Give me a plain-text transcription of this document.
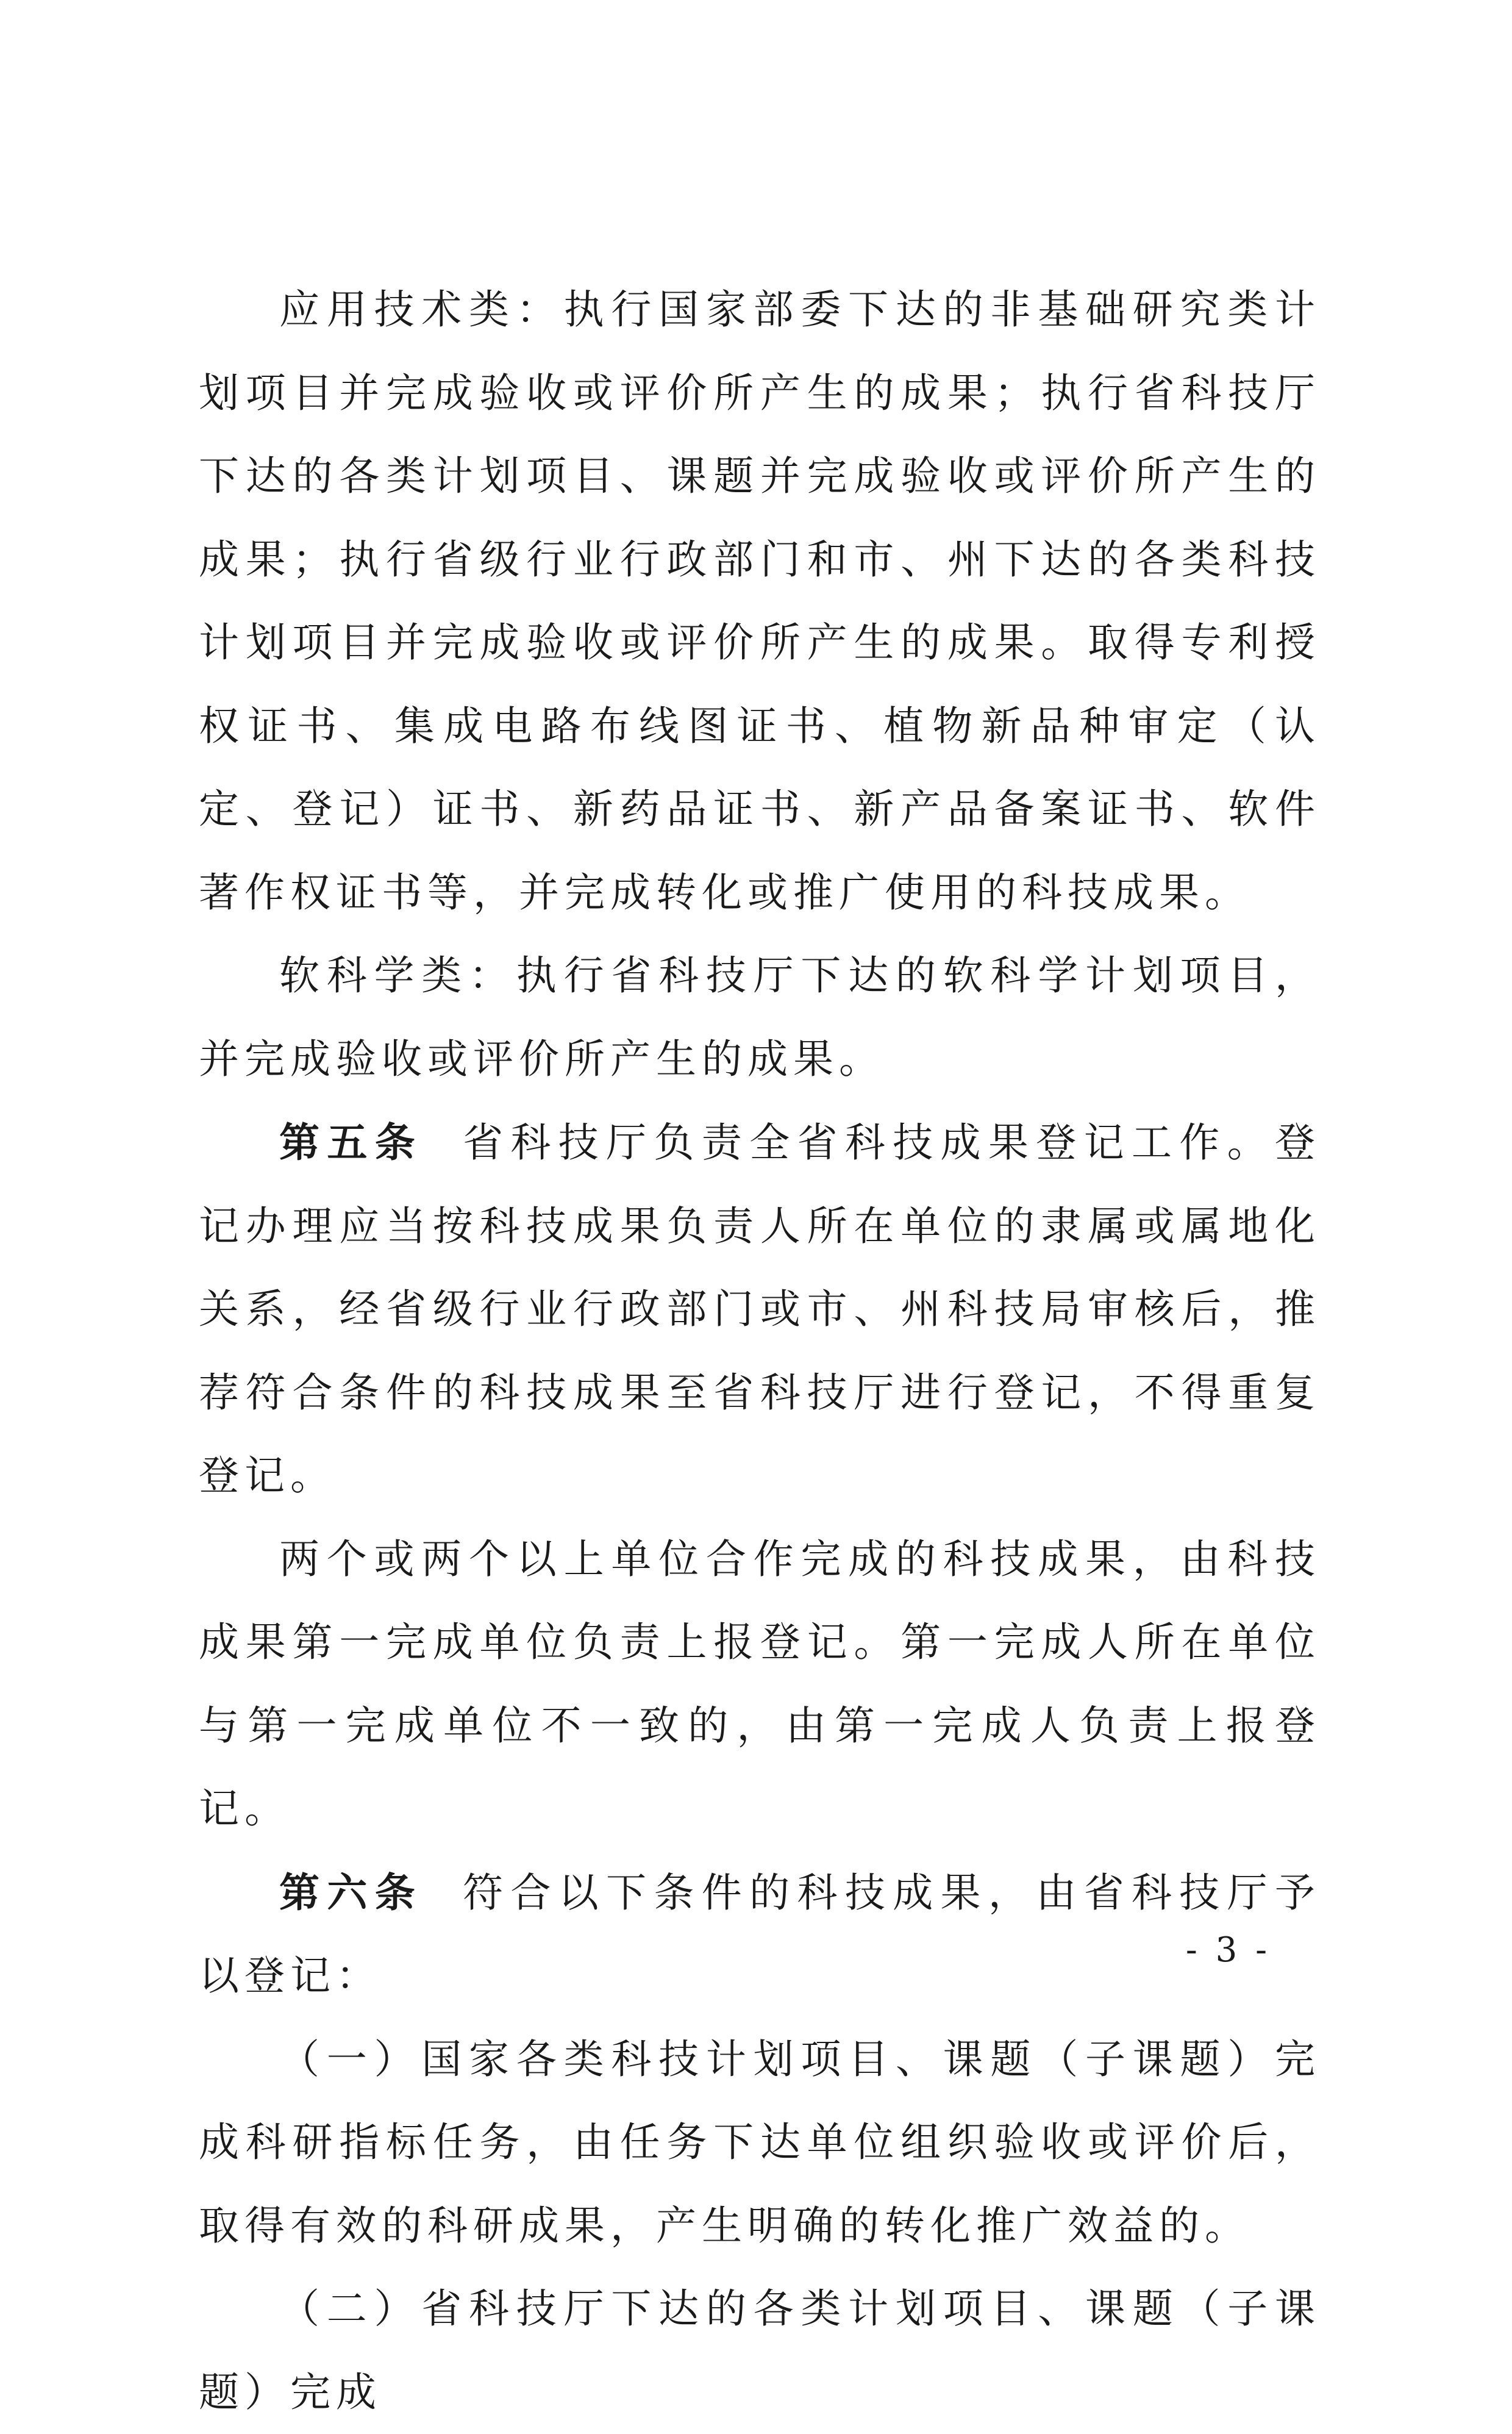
应用技术类：执行国家部委下达的非基础研究类计划项目并完成验收或评价所产生的成果；执行省科技厅下达的各类计划项目、课题并完成验收或评价所产生的成果；执行省级行业行政部门和市、州下达的各类科技计划项目并完成验收或评价所产生的成果。取得专利授权证书、集成电路布线图证书、植物新品种审定（认定、登记）证书、新药品证书、新产品备案证书、软件著作权证书等，并完成转化或推广使用的科技成果。

软科学类：执行省科技厅下达的软科学计划项目，并完成验收或评价所产生的成果。

第五条 省科技厅负责全省科技成果登记工作。登记办理应当按科技成果负责人所在单位的隶属或属地化关系，经省级行业行政部门或市、州科技局审核后，推荐符合条件的科技成果至省科技厅进行登记，不得重复登记。

两个或两个以上单位合作完成的科技成果，由科技成果第一完成单位负责上报登记。第一完成人所在单位与第一完成单位不一致的，由第一完成人负责上报登记。

第六条 符合以下条件的科技成果，由省科技厅予以登记：

（一）国家各类科技计划项目、课题（子课题）完成科研指标任务，由任务下达单位组织验收或评价后，取得有效的科研成果，产生明确的转化推广效益的。

（二）省科技厅下达的各类计划项目、课题（子课题）完成

- 3 -
